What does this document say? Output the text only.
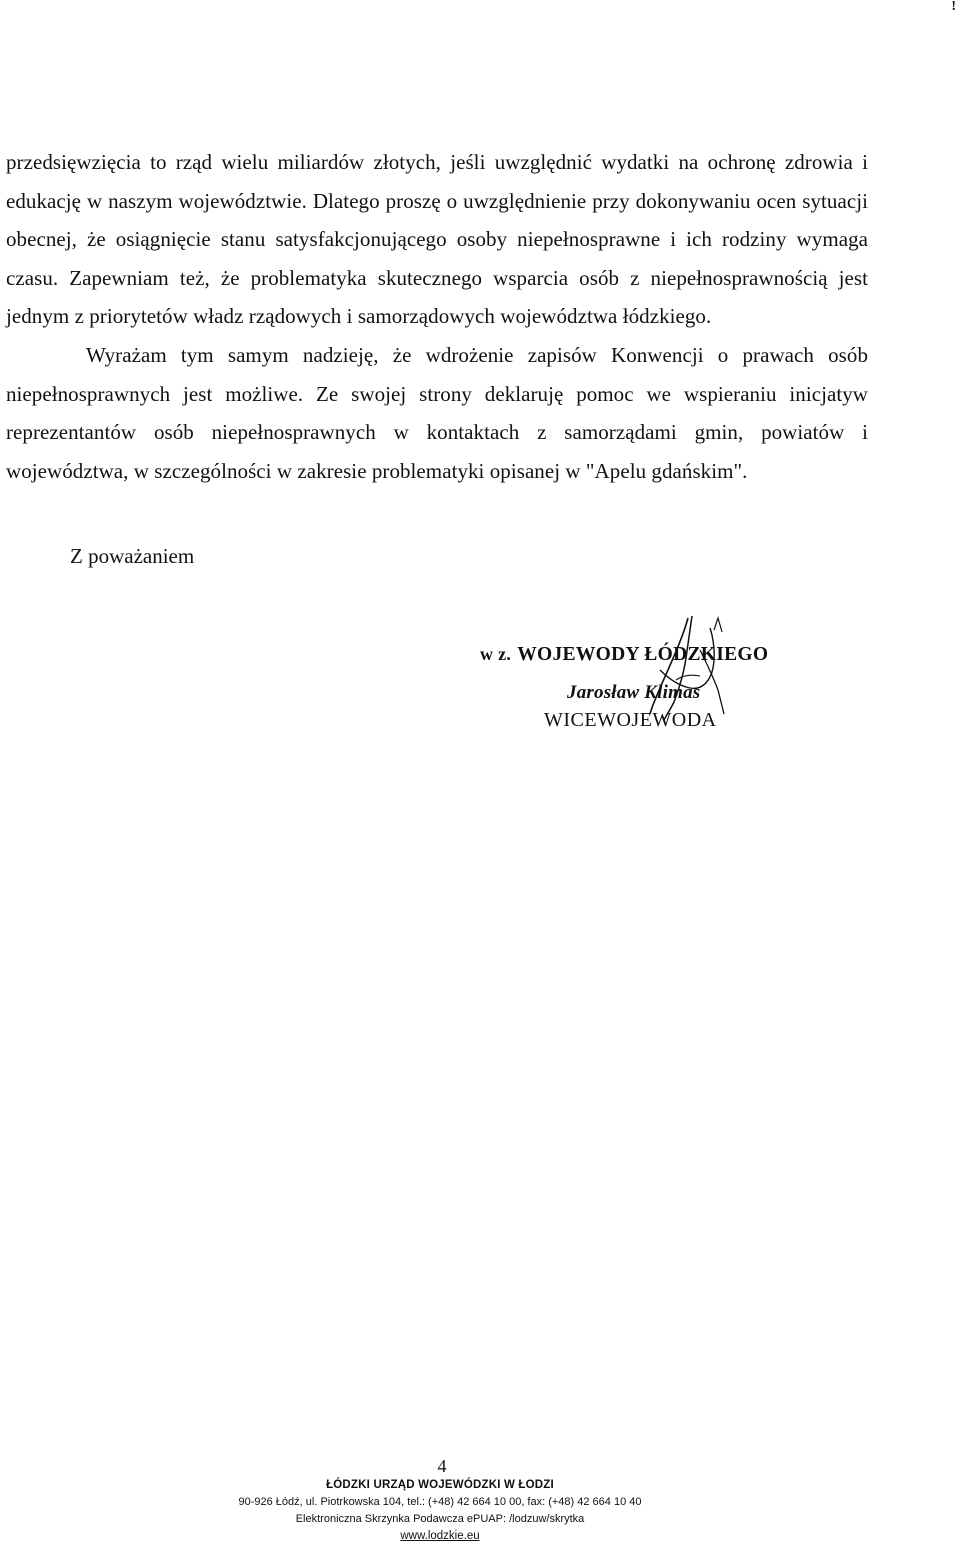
!

przedsięwzięcia to rząd wielu miliardów złotych, jeśli uwzględnić wydatki na ochronę zdrowia i edukację w naszym województwie. Dlatego proszę o uwzględnienie przy dokonywaniu ocen sytuacji obecnej, że osiągnięcie stanu satysfakcjonującego osoby niepełnosprawne i ich rodziny wymaga czasu. Zapewniam też, że problematyka skutecznego wsparcia osób z niepełnosprawnością jest jednym z priorytetów władz rządowych i samorządowych województwa łódzkiego.

Wyrażam tym samym nadzieję, że wdrożenie zapisów Konwencji o prawach osób niepełnosprawnych jest możliwe. Ze swojej strony deklaruję pomoc we wspieraniu inicjatyw reprezentantów osób niepełnosprawnych w kontaktach z samorządami gmin, powiatów i województwa, w szczególności w zakresie problematyki opisanej w "Apelu gdańskim".

Z poważaniem
w z. WOJEWODY ŁÓDZKIEGO
Jarosław Klimas
WICEWOJEWODA
4
ŁÓDZKI URZĄD WOJEWÓDZKI W ŁODZI
90-926 Łódź, ul. Piotrkowska 104, tel.: (+48) 42 664 10 00, fax: (+48) 42 664 10 40
Elektroniczna Skrzynka Podawcza ePUAP: /lodzuw/skrytka
www.lodzkie.eu
